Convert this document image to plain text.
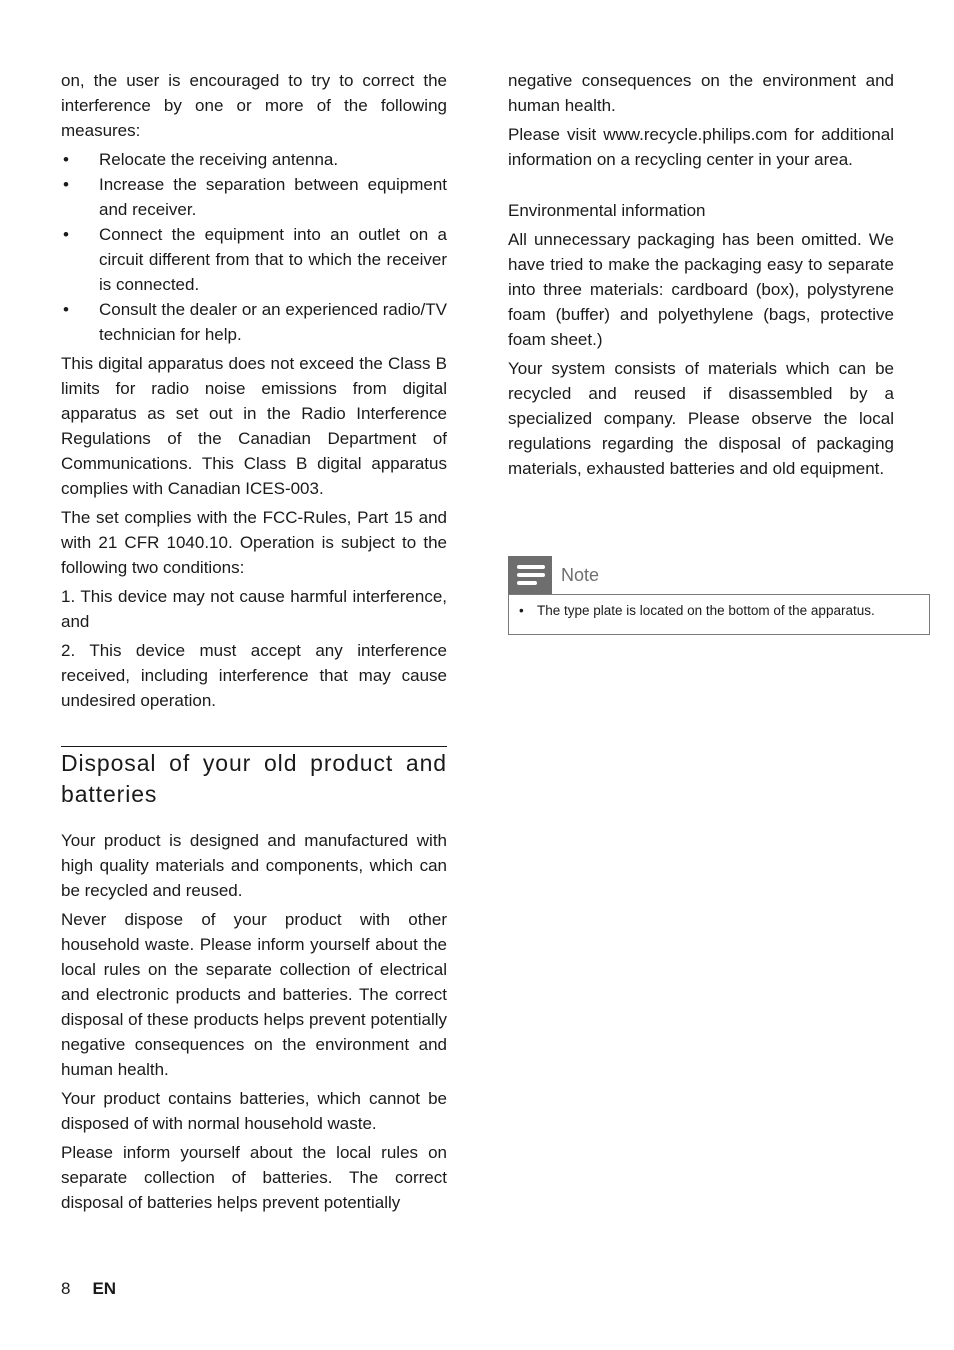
on, the user is encouraged to try to correct the interference by one or more of the following measures:

• Relocate the receiving antenna.
• Increase the separation between equipment and receiver.
• Connect the equipment into an outlet on a circuit different from that to which the receiver is connected.
• Consult the dealer or an experienced radio/TV technician for help.

This digital apparatus does not exceed the Class B limits for radio noise emissions from digital apparatus as set out in the Radio Interference Regulations of the Canadian Department of Communications. This Class B digital apparatus complies with Canadian ICES-003.

The set complies with the FCC-Rules, Part 15 and with 21 CFR 1040.10. Operation is subject to the following two conditions:

1. This device may not cause harmful interference, and

2. This device must accept any interference received, including interference that may cause undesired operation.

Disposal of your old product and batteries

Your product is designed and manufactured with high quality materials and components, which can be recycled and reused.

Never dispose of your product with other household waste. Please inform yourself about the local rules on the separate collection of electrical and electronic products and batteries. The correct disposal of these products helps prevent potentially negative consequences on the environment and human health.

Your product contains batteries, which cannot be disposed of with normal household waste.

Please inform yourself about the local rules on separate collection of batteries. The correct disposal of batteries helps prevent potentially

negative consequences on the environment and human health.

Please visit www.recycle.philips.com for additional information on a recycling center in your area.

Environmental information

All unnecessary packaging has been omitted. We have tried to make the packaging easy to separate into three materials: cardboard (box), polystyrene foam (buffer) and polyethylene (bags, protective foam sheet.)

Your system consists of materials which can be recycled and reused if disassembled by a specialized company. Please observe the local regulations regarding the disposal of packaging materials, exhausted batteries and old equipment.

Note
• The type plate is located on the bottom of the apparatus.
8 EN
